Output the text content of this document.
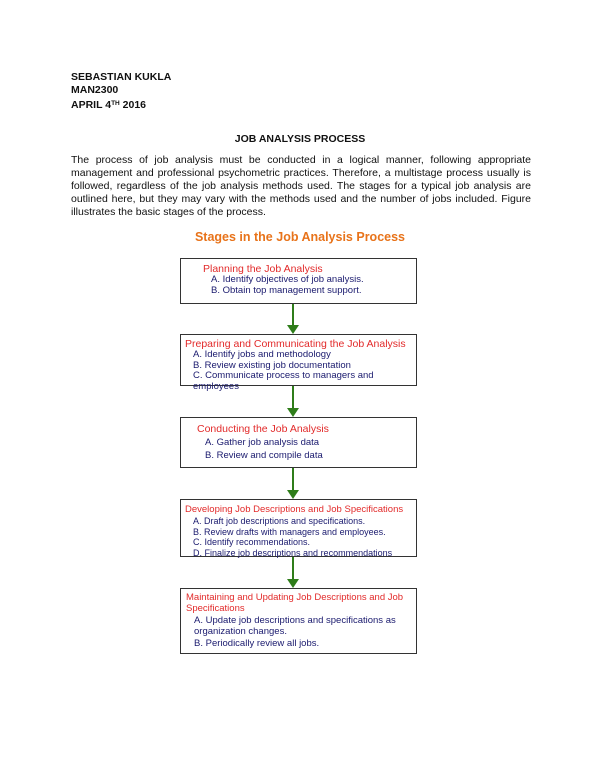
SEBASTIAN KUKLA
MAN2300
APRIL 4TH 2016
JOB ANALYSIS PROCESS
The process of job analysis must be conducted in a logical manner, following appropriate management and professional psychometric practices. Therefore, a multistage process usually is followed, regardless of the job analysis methods used. The stages for a typical job analysis are outlined here, but they may vary with the methods used and the number of jobs included. Figure illustrates the basic stages of the process.
Stages in the Job Analysis Process
Planning the Job Analysis
A. Identify objectives of job analysis.
B. Obtain top management support.
Preparing and Communicating the Job Analysis
A. Identify jobs and methodology
B. Review existing job documentation
C. Communicate process to managers and employees
Conducting the Job Analysis
A. Gather job analysis data
B. Review and compile data
Developing Job Descriptions and Job Specifications
A. Draft job descriptions and specifications.
B. Review drafts with managers and employees.
C. Identify recommendations.
D. Finalize job descriptions and recommendations
Maintaining and Updating Job Descriptions and Job Specifications
A. Update job descriptions and specifications as organization changes.
B. Periodically review all jobs.
